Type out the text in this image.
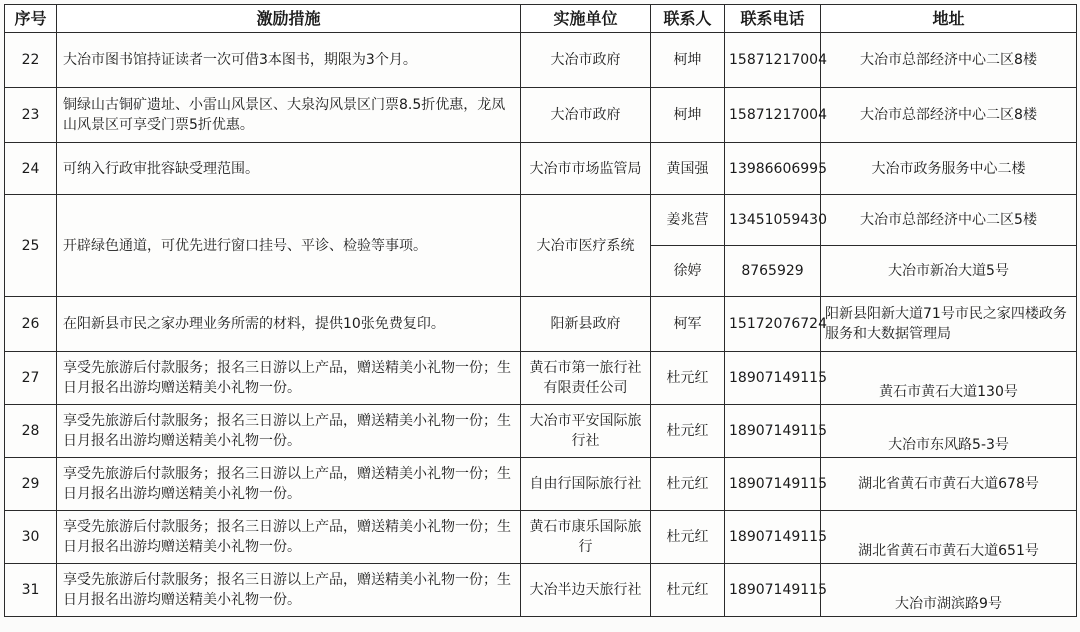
序号	激励措施	实施单位	联系人	联系电话	地址
22	大冶市图书馆持证读者一次可借3本图书，期限为3个月。	大冶市政府	柯坤	15871217004	大冶市总部经济中心二区8楼
23	铜绿山古铜矿遗址、小雷山风景区、大泉沟风景区门票8.5折优惠，龙凤山风景区可享受门票5折优惠。	大冶市政府	柯坤	15871217004	大冶市总部经济中心二区8楼
24	可纳入行政审批容缺受理范围。	大冶市市场监管局	黄国强	13986606995	大冶市政务服务中心二楼
25	开辟绿色通道，可优先进行窗口挂号、平诊、检验等事项。	大冶市医疗系统	姜兆营	13451059430	大冶市总部经济中心二区5楼
			徐婷	8765929	大冶市新冶大道5号
26	在阳新县市民之家办理业务所需的材料，提供10张免费复印。	阳新县政府	柯军	15172076724	阳新县阳新大道71号市民之家四楼政务服务和大数据管理局
27	享受先旅游后付款服务；报名三日游以上产品，赠送精美小礼物一份；生日月报名出游均赠送精美小礼物一份。	黄石市第一旅行社有限责任公司	杜元红	18907149115	黄石市黄石大道130号
28	享受先旅游后付款服务；报名三日游以上产品，赠送精美小礼物一份；生日月报名出游均赠送精美小礼物一份。	大冶市平安国际旅行社	杜元红	18907149115	大冶市东风路5-3号
29	享受先旅游后付款服务；报名三日游以上产品，赠送精美小礼物一份；生日月报名出游均赠送精美小礼物一份。	自由行国际旅行社	杜元红	18907149115	湖北省黄石市黄石大道678号
30	享受先旅游后付款服务；报名三日游以上产品，赠送精美小礼物一份；生日月报名出游均赠送精美小礼物一份。	黄石市康乐国际旅行	杜元红	18907149115	湖北省黄石市黄石大道651号
31	享受先旅游后付款服务；报名三日游以上产品，赠送精美小礼物一份；生日月报名出游均赠送精美小礼物一份。	大冶半边天旅行社	杜元红	18907149115	大冶市湖滨路9号
